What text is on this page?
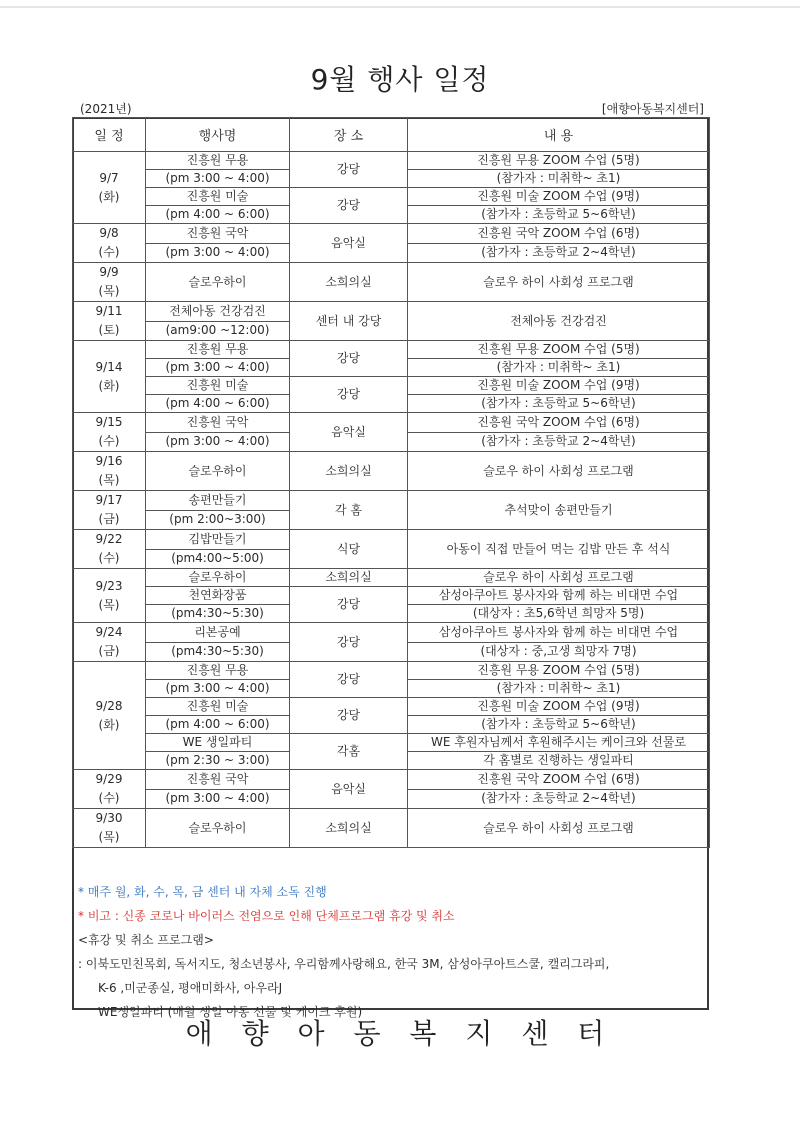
9월 행사 일정
(2021년)	[애향아동복지센터]
일 정	행사명	장 소	내 용

9/7
(화)	진흥원 무용	강당	진흥원 무용 ZOOM 수업 (5명)
	(pm 3:00 ~ 4:00)		(참가자 : 미취학~ 초1)
	진흥원 미술	강당	진흥원 미술 ZOOM 수업 (9명)
	(pm 4:00 ~ 6:00)		(참가자 : 초등학교 5~6학년)

9/8
(수)	진흥원 국악	음악실	진흥원 국악 ZOOM 수업 (6명)
	(pm 3:00 ~ 4:00)		(참가자 : 초등학교 2~4학년)

9/9
(목)	슬로우하이	소희의실	슬로우 하이 사회성 프로그램

9/11
(토)	전체아동 건강검진	센터 내 강당	전체아동 건강검진
	(am9:00 ~12:00)		

9/14
(화)	진흥원 무용	강당	진흥원 무용 ZOOM 수업 (5명)
	(pm 3:00 ~ 4:00)		(참가자 : 미취학~ 초1)
	진흥원 미술	강당	진흥원 미술 ZOOM 수업 (9명)
	(pm 4:00 ~ 6:00)		(참가자 : 초등학교 5~6학년)

9/15
(수)	진흥원 국악	음악실	진흥원 국악 ZOOM 수업 (6명)
	(pm 3:00 ~ 4:00)		(참가자 : 초등학교 2~4학년)

9/16
(목)	슬로우하이	소희의실	슬로우 하이 사회성 프로그램

9/17
(금)	송편만들기	각 홈	추석맞이 송편만들기
	(pm 2:00~3:00)		

9/22
(수)	김밥만들기	식당	아동이 직접 만들어 먹는 김밥 만든 후 석식
	(pm4:00~5:00)		

9/23
(목)	슬로우하이	소희의실	슬로우 하이 사회성 프로그램

	천연화장품	강당	삼성아쿠아트 봉사자와 함께 하는 비대면 수업
	(pm4:30~5:30)		(대상자 : 초5,6학년 희망자 5명)

9/24
(금)	리본공예	강당	삼성아쿠아트 봉사자와 함께 하는 비대면 수업
	(pm4:30~5:30)		(대상자 : 중,고생 희망자 7명)

9/28
(화)	진흥원 무용	강당	진흥원 무용 ZOOM 수업 (5명)
	(pm 3:00 ~ 4:00)		(참가자 : 미취학~ 초1)
	진흥원 미술	강당	진흥원 미술 ZOOM 수업 (9명)
	(pm 4:00 ~ 6:00)		(참가자 : 초등학교 5~6학년)
	WE 생일파티	각홈	WE 후원자님께서 후원해주시는 케이크와 선물로
	(pm 2:30 ~ 3:00)		각 홈별로 진행하는 생일파티

9/29
(수)	진흥원 국악	음악실	진흥원 국악 ZOOM 수업 (6명)
	(pm 3:00 ~ 4:00)		(참가자 : 초등학교 2~4학년)

9/30
(목)	슬로우하이	소희의실	슬로우 하이 사회성 프로그램

* 매주 월, 화, 수, 목, 금 센터 내 자체 소독 진행
* 비고 : 신종 코로나 바이러스 전염으로 인해 단체프로그램 휴강 및 취소
<휴강 및 취소 프로그램>
: 이북도민친목회, 독서지도, 청소년봉사, 우리함께사랑해요, 한국 3M, 삼성아쿠아트스쿨, 캘리그라피,
K-6 ,미군종실, 평애미화사, 아우라J
WE생일파티 (매월 생일 아동 선물 및 케이크 후원)
애 향 아 동 복 지 센 터
